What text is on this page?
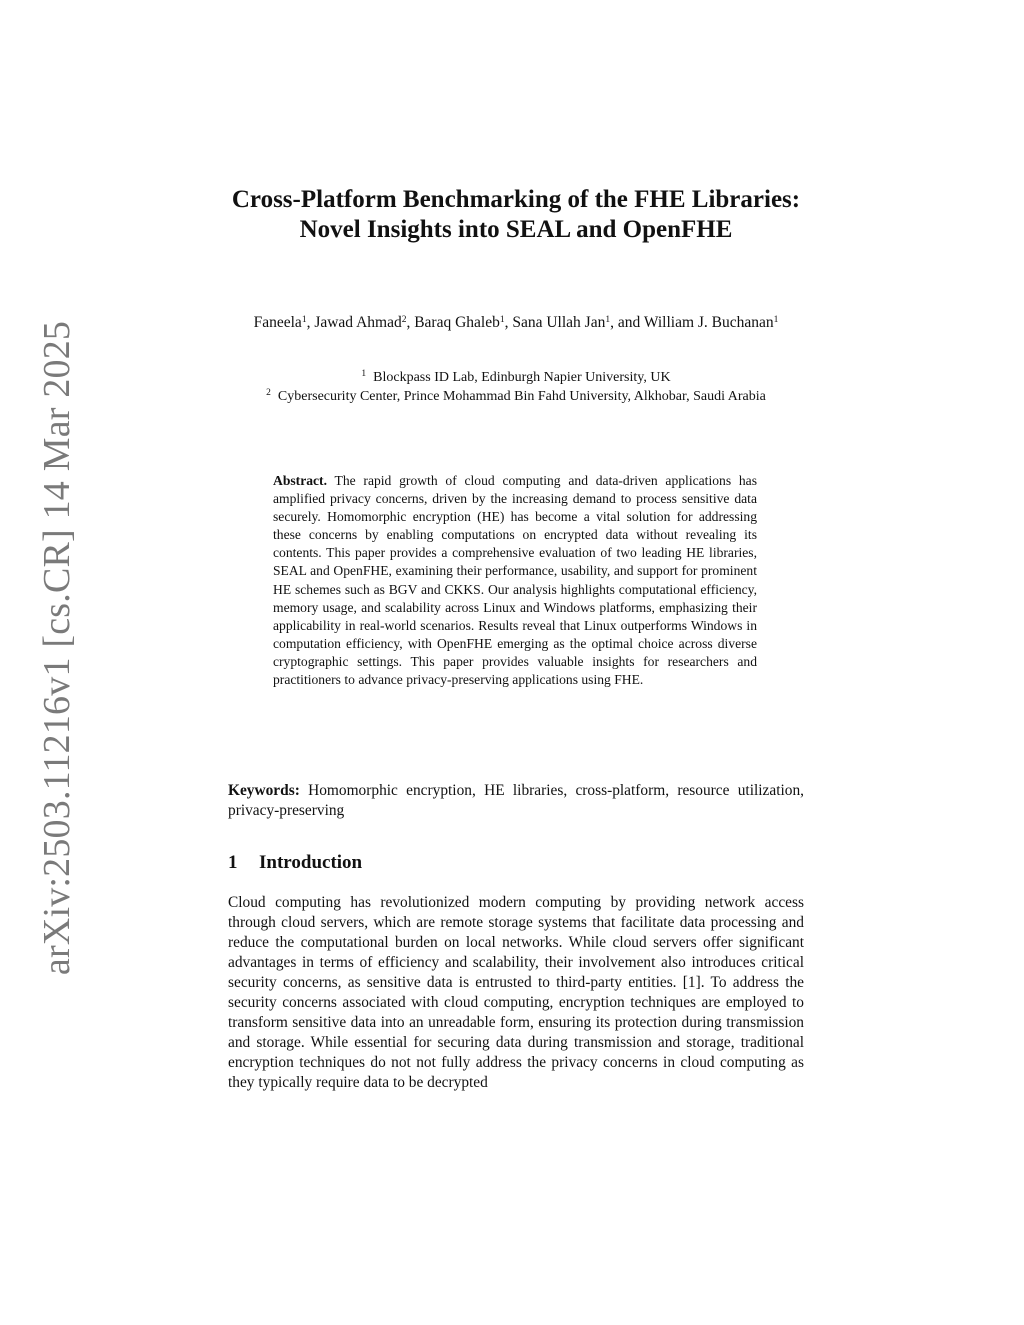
arXiv:2503.11216v1 [cs.CR] 14 Mar 2025
Cross-Platform Benchmarking of the FHE Libraries: Novel Insights into SEAL and OpenFHE
Faneela$^1$, Jawad Ahmad$^2$, Baraq Ghaleb$^1$, Sana Ullah Jan$^1$, and William J. Buchanan$^1$
$^1$ Blockpass ID Lab, Edinburgh Napier University, UK
$^2$ Cybersecurity Center, Prince Mohammad Bin Fahd University, Alkhobar, Saudi Arabia

Abstract. The rapid growth of cloud computing and data-driven applications has amplified privacy concerns, driven by the increasing demand to process sensitive data securely. Homomorphic encryption (HE) has become a vital solution for addressing these concerns by enabling computations on encrypted data without revealing its contents. This paper provides a comprehensive evaluation of two leading HE libraries, SEAL and OpenFHE, examining their performance, usability, and support for prominent HE schemes such as BGV and CKKS. Our analysis highlights computational efficiency, memory usage, and scalability across Linux and Windows platforms, emphasizing their applicability in real-world scenarios. Results reveal that Linux outperforms Windows in computation efficiency, with OpenFHE emerging as the optimal choice across diverse cryptographic settings. This paper provides valuable insights for researchers and practitioners to advance privacy-preserving applications using FHE.

Keywords: Homomorphic encryption, HE libraries, cross-platform, resource utilization, privacy-preserving

1 Introduction

Cloud computing has revolutionized modern computing by providing network access through cloud servers, which are remote storage systems that facilitate data processing and reduce the computational burden on local networks. While cloud servers offer significant advantages in terms of efficiency and scalability, their involvement also introduces critical security concerns, as sensitive data is entrusted to third-party entities. [1]. To address the security concerns associated with cloud computing, encryption techniques are employed to transform sensitive data into an unreadable form, ensuring its protection during transmission and storage. While essential for securing data during transmission and storage, traditional encryption techniques do not not fully address the privacy concerns in cloud computing as they typically require data to be decrypted
